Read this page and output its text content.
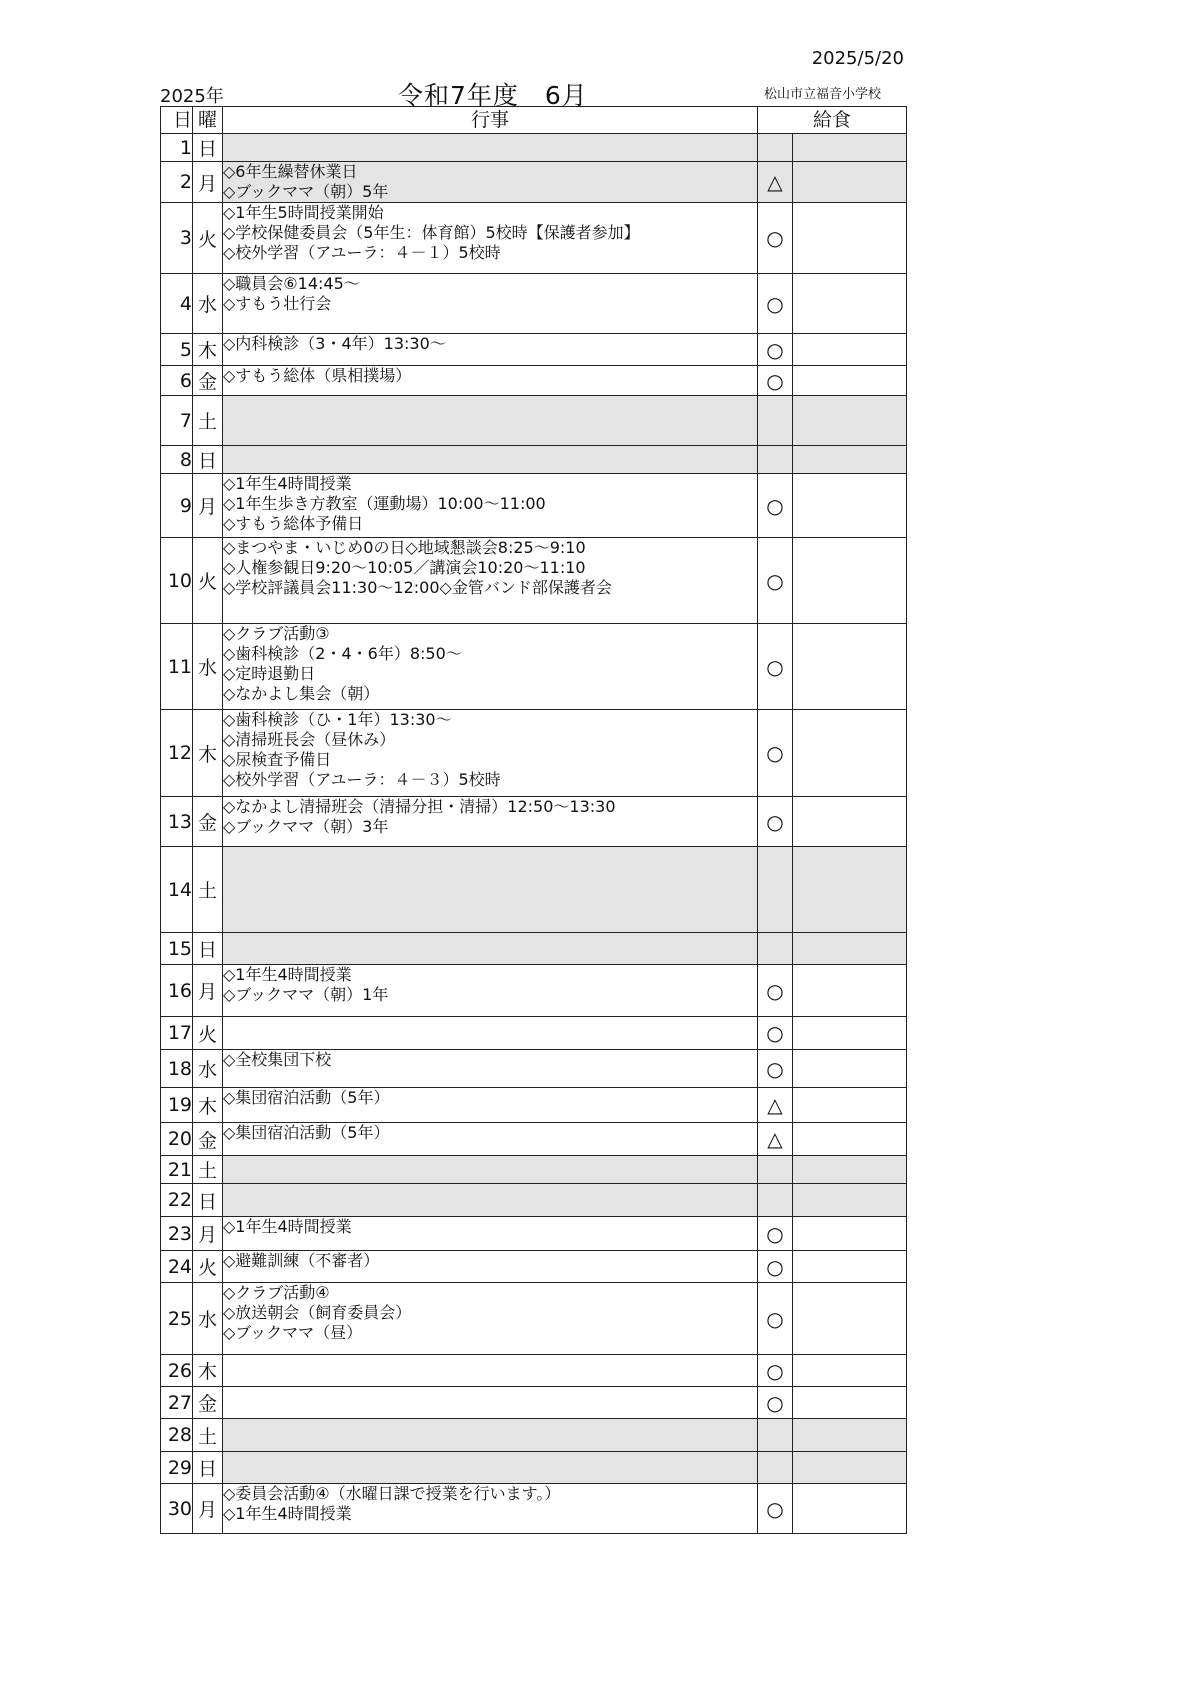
2025/5/20
2025年	令和7年度　6月	松山市立福音小学校
日	曜	行事	給食	
1	日			
2	月	◇6年生繰替休業日
◇ブックママ（朝）5年	△	
3	火	◇1年生5時間授業開始
◇学校保健委員会（5年生：体育館）5校時【保護者参加】
◇校外学習（アユーラ：４－１）5校時	○	
4	水	◇職員会⑥14:45～
◇すもう壮行会	○	
5	木	◇内科検診（3・4年）13:30～	○	
6	金	◇すもう総体（県相撲場）	○	
7	土			
8	日			
9	月	◇1年生4時間授業
◇1年生歩き方教室（運動場）10:00～11:00
◇すもう総体予備日	○	
10	火	◇まつやま・いじめ0の日◇地域懇談会8:25～9:10
◇人権参観日9:20～10:05／講演会10:20～11:10
◇学校評議員会11:30～12:00◇金管バンド部保護者会	○	
11	水	◇クラブ活動③
◇歯科検診（2・4・6年）8:50～
◇定時退勤日
◇なかよし集会（朝）	○	
12	木	◇歯科検診（ひ・1年）13:30～
◇清掃班長会（昼休み）
◇尿検査予備日
◇校外学習（アユーラ：４－３）5校時	○	
13	金	◇なかよし清掃班会（清掃分担・清掃）12:50～13:30
◇ブックママ（朝）3年	○	
14	土			
15	日			
16	月	◇1年生4時間授業
◇ブックママ（朝）1年	○	
17	火		○	
18	水	◇全校集団下校	○	
19	木	◇集団宿泊活動（5年）	△	
20	金	◇集団宿泊活動（5年）	△	
21	土			
22	日			
23	月	◇1年生4時間授業	○	
24	火	◇避難訓練（不審者）	○	
25	水	◇クラブ活動④
◇放送朝会（飼育委員会）
◇ブックママ（昼）	○	
26	木		○	
27	金		○	
28	土			
29	日			
30	月	◇委員会活動④（水曜日課で授業を行います。）
◇1年生4時間授業	○	
